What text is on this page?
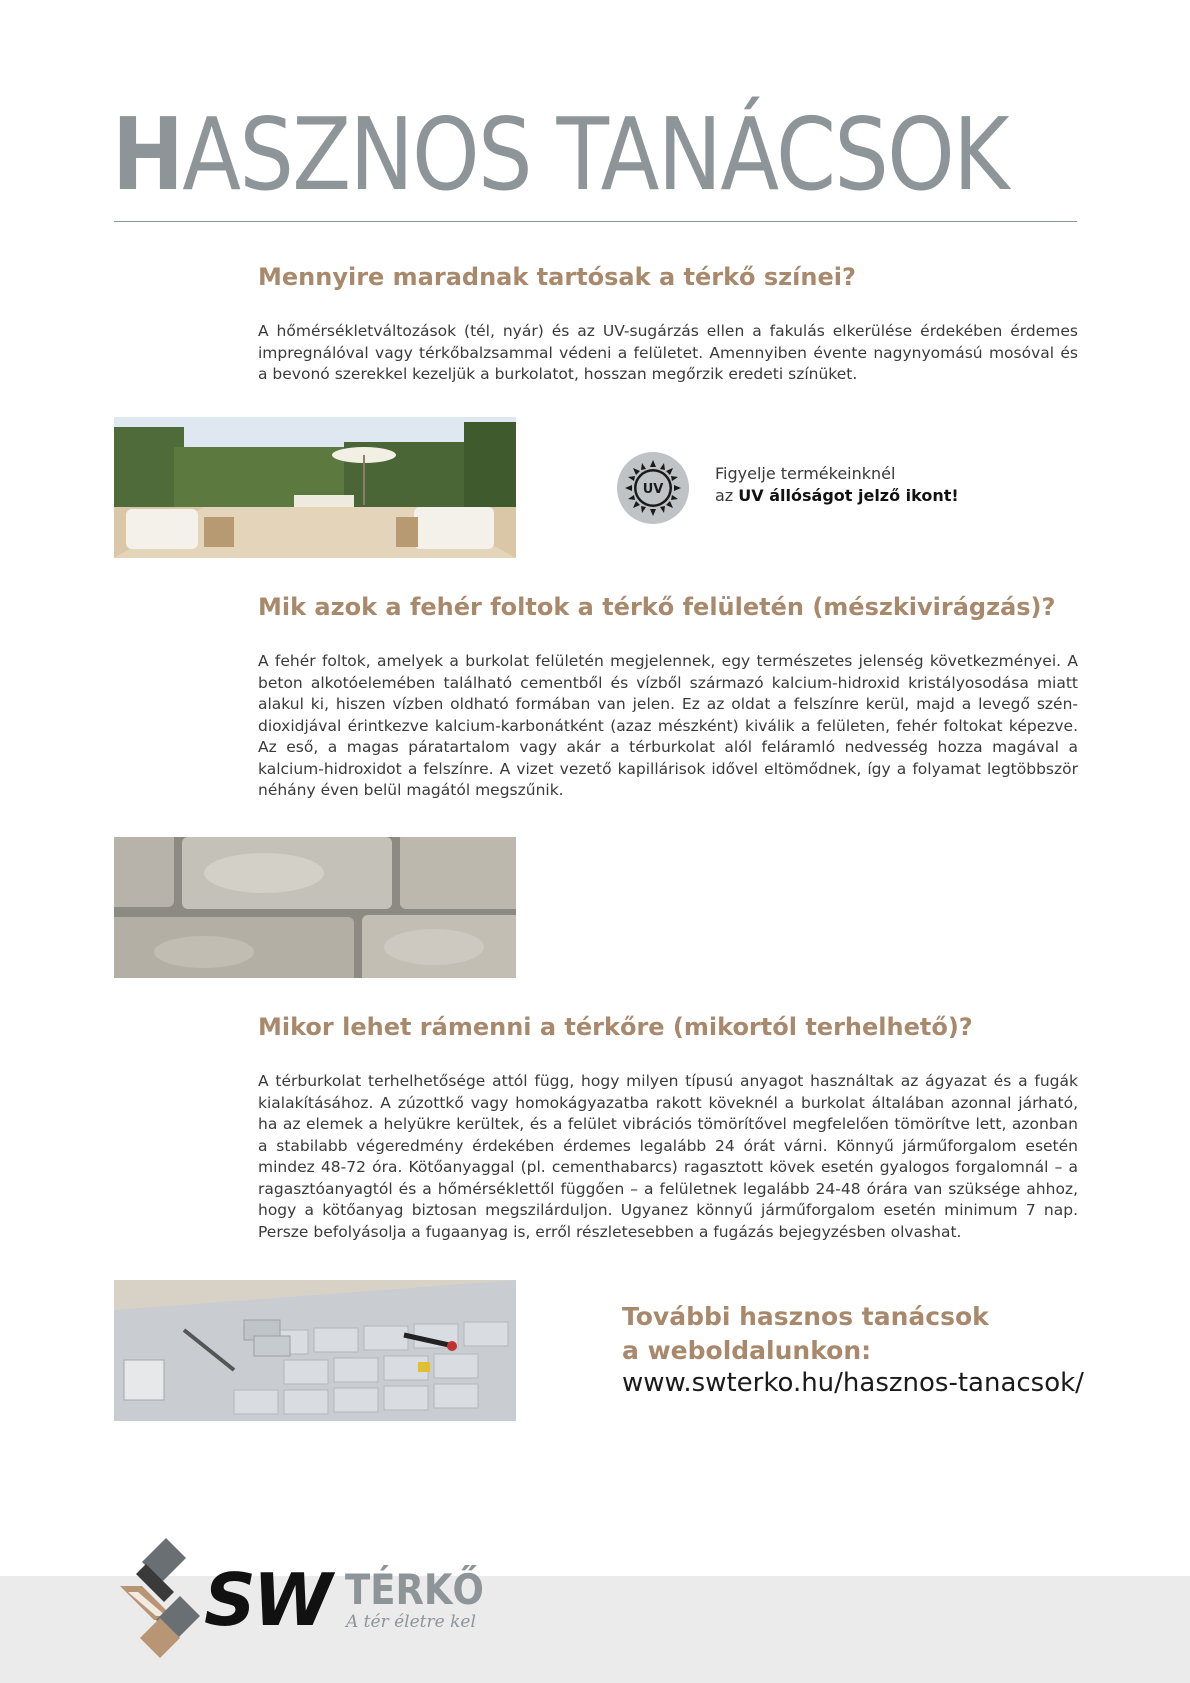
HASZNOS TANÁCSOK
Mennyire maradnak tartósak a térkő színei?

A hőmérsékletváltozások (tél, nyár) és az UV-sugárzás ellen a fakulás elkerülése érdekében érdemes impregnálóval vagy térkőbalzsammal védeni a felületet. Amennyiben évente nagynyomású mosóval és a bevonó szerekkel kezeljük a burkolatot, hosszan megőrzik eredeti színüket.

UV
Figyelje termékeinknél
az UV állóságot jelző ikont!
Mik azok a fehér foltok a térkő felületén (mészkivirágzás)?

A fehér foltok, amelyek a burkolat felületén megjelennek, egy természetes jelenség következményei. A beton alkotóelemében található cementből és vízből származó kalcium-hidroxid kristályosodása miatt alakul ki, hiszen vízben oldható formában van jelen. Ez az oldat a felszínre kerül, majd a levegő szén-dioxidjával érintkezve kalcium-karbonátként (azaz mészként) kiválik a felületen, fehér foltokat képezve. Az eső, a magas páratartalom vagy akár a térburkolat alól feláramló nedvesség hozza magával a kalcium-hidroxidot a felszínre. A vizet vezető kapillárisok idővel eltömődnek, így a folyamat legtöbbször néhány éven belül magától megszűnik.

Mikor lehet rámenni a térkőre (mikortól terhelhető)?

A térburkolat terhelhetősége attól függ, hogy milyen típusú anyagot használtak az ágyazat és a fugák kialakításához. A zúzottkő vagy homokágyazatba rakott köveknél a burkolat általában azonnal járható, ha az elemek a helyükre kerültek, és a felület vibrációs tömörítővel megfelelően tömörítve lett, azonban a stabilabb végeredmény érdekében érdemes legalább 24 órát várni. Könnyű járműforgalom esetén mindez 48-72 óra. Kötőanyaggal (pl. cementhabarcs) ragasztott kövek esetén gyalogos forgalomnál – a ragasztóanyagtól és a hőmérséklettől függően – a felületnek legalább 24-48 órára van szüksége ahhoz, hogy a kötőanyag biztosan megszilárduljon. Ugyanez könnyű járműforgalom esetén minimum 7 nap. Persze befolyásolja a fugaanyag is, erről részletesebben a fugázás bejegyzésben olvashat.

További hasznos tanácsok
a weboldalunkon:
www.swterko.hu/hasznos-tanacsok/
SW TÉRKŐ
A tér életre kel
